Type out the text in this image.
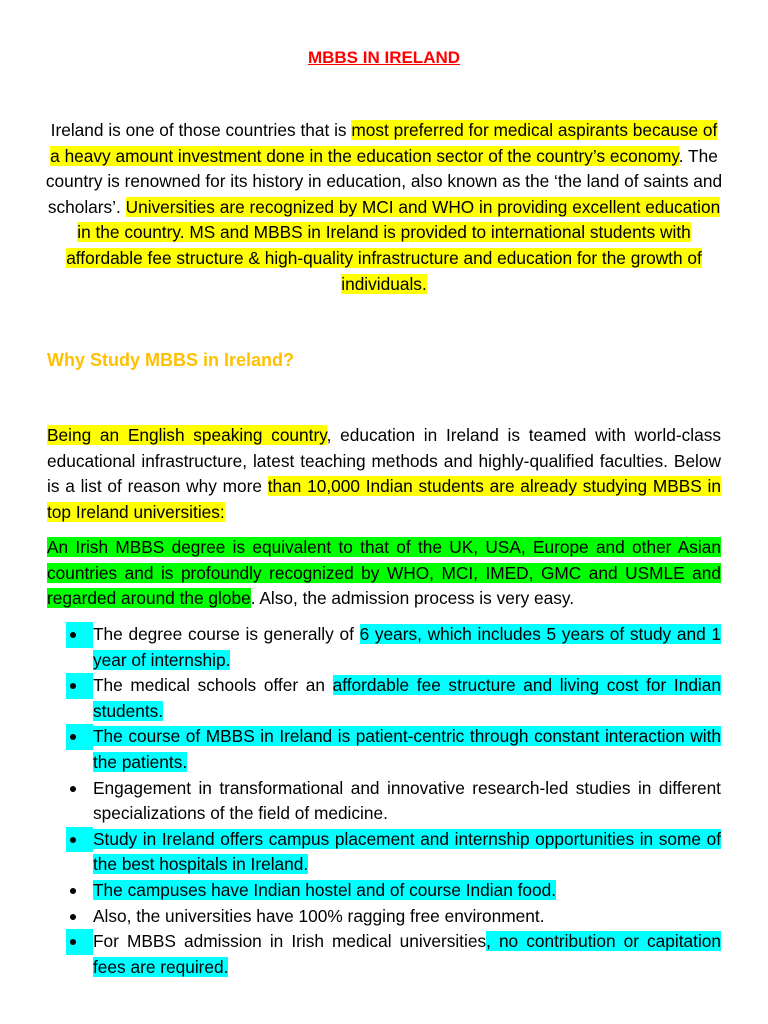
MBBS IN IRELAND
Ireland is one of those countries that is most preferred for medical aspirants because of a heavy amount investment done in the education sector of the country’s economy. The country is renowned for its history in education, also known as the ‘the land of saints and scholars’. Universities are recognized by MCI and WHO in providing excellent education in the country. MS and MBBS in Ireland is provided to international students with affordable fee structure & high-quality infrastructure and education for the growth of individuals.
Why Study MBBS in Ireland?
Being an English speaking country, education in Ireland is teamed with world-class educational infrastructure, latest teaching methods and highly-qualified faculties. Below is a list of reason why more than 10,000 Indian students are already studying MBBS in top Ireland universities:
An Irish MBBS degree is equivalent to that of the UK, USA, Europe and other Asian countries and is profoundly recognized by WHO, MCI, IMED, GMC and USMLE and regarded around the globe. Also, the admission process is very easy.
The degree course is generally of 6 years, which includes 5 years of study and 1 year of internship.
The medical schools offer an affordable fee structure and living cost for Indian students.
The course of MBBS in Ireland is patient-centric through constant interaction with the patients.
Engagement in transformational and innovative research-led studies in different specializations of the field of medicine.
Study in Ireland offers campus placement and internship opportunities in some of the best hospitals in Ireland.
The campuses have Indian hostel and of course Indian food.
Also, the universities have 100% ragging free environment.
For MBBS admission in Irish medical universities, no contribution or capitation fees are required.
